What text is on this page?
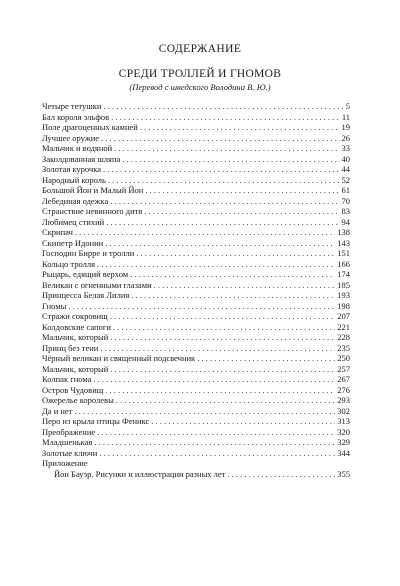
СОДЕРЖАНИЕ
СРЕДИ ТРОЛЛЕЙ И ГНОМОВ
(Перевод с шведского Володина В. Ю.)
Четыре тетушки . . .	5
Бал короля эльфов . . .	11
Поле драгоценных камней . . .	19
Лучшее оружие . . .	26
Мальчик и водяной . . .	33
Заколдованная шляпа . . .	40
Золотая курочка . . .	44
Народный король . . .	52
Большой Йон и Малый Йон . . .	61
Лебединая одежка . . .	70
Странствие невинного дитя . . .	83
Любимец стихий . . .	94
Скрипач . . .	138
Скипетр Идонии . . .	143
Господин Бирре и тролли . . .	151
Кольцо тролля . . .	166
Рыцарь, едящий верхом . . .	174
Великан с огненными глазами . . .	185
Принцесса Белая Лилия . . .	193
Гномы . . .	198
Стражи сокровищ . . .	207
Колдовские сапоги . . .	221
Мальчик, который . . .	228
Принц без тени . . .	235
Чёрный великан и священный подсвечник . . .	250
Мальчик, который . . .	257
Колпак гнома . . .	267
Остров Чудовищ . . .	276
Ожерелье королевы . . .	293
Да и нет . . .	302
Перо из крыла птицы Феникс . . .	313
Преображение . . .	320
Младшенькая . . .	329
Золотые ключи . . .	344
Приложение
Йон Бауэр. Рисунки и иллюстрации разных лет . . .	355
